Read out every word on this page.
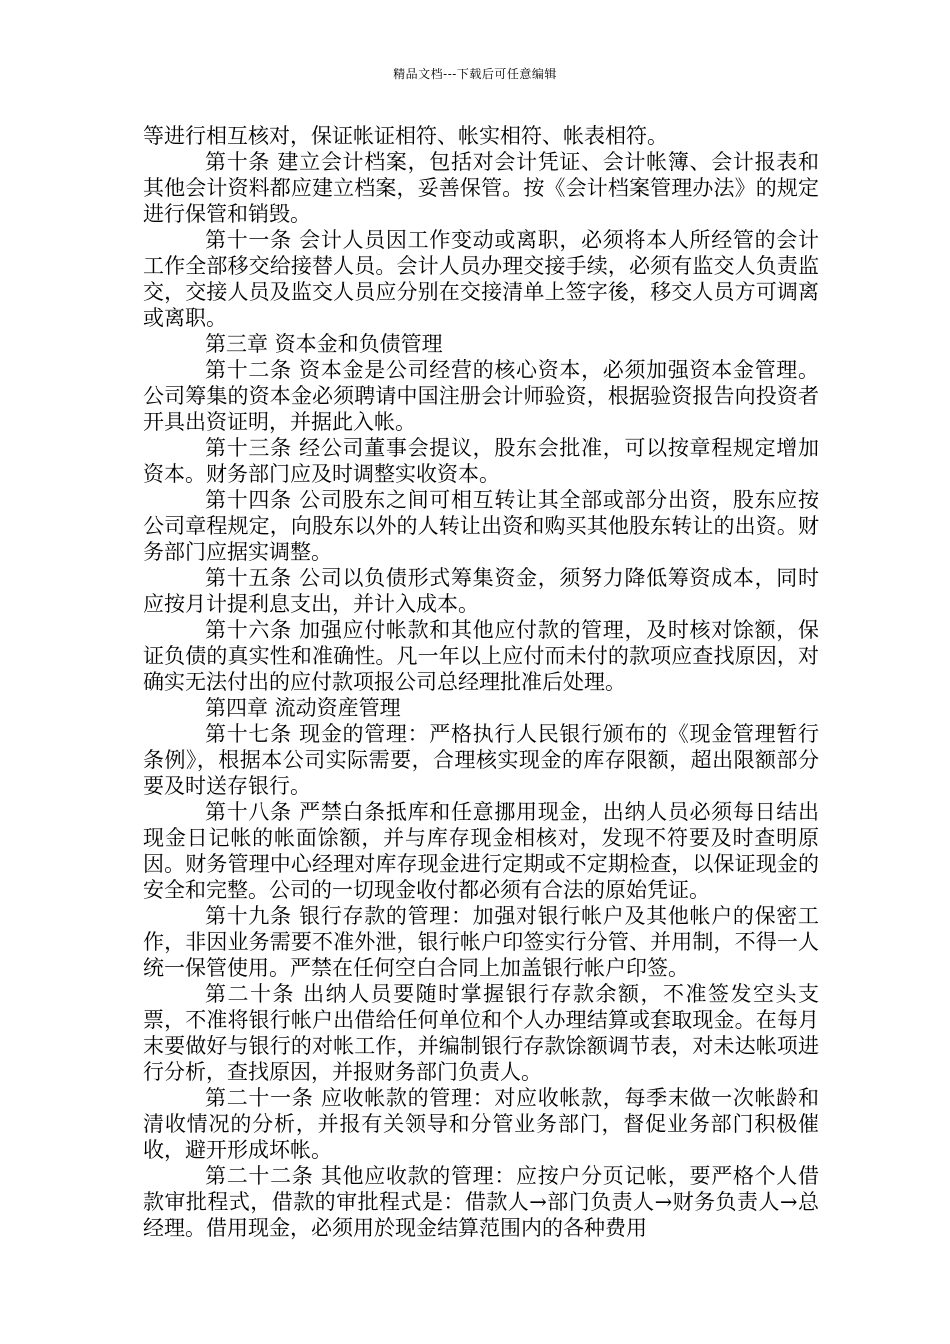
精品文档---下载后可任意编辑

等进行相互核对，保证帐证相符、帐实相符、帐表相符。

第十条 建立会计档案，包括对会计凭证、会计帐簿、会计报表和其他会计资料都应建立档案，妥善保管。按《会计档案管理办法》的规定进行保管和销毁。

第十一条 会计人员因工作变动或离职，必须将本人所经管的会计工作全部移交给接替人员。会计人员办理交接手续，必须有监交人负责监交，交接人员及监交人员应分别在交接清单上签字後，移交人员方可调离或离职。

第三章 资本金和负债管理

第十二条 资本金是公司经营的核心资本，必须加强资本金管理。公司筹集的资本金必须聘请中国注册会计师验资，根据验资报告向投资者开具出资证明，并据此入帐。

第十三条 经公司董事会提议，股东会批准，可以按章程规定增加资本。财务部门应及时调整实收资本。

第十四条 公司股东之间可相互转让其全部或部分出资，股东应按公司章程规定，向股东以外的人转让出资和购买其他股东转让的出资。财务部门应据实调整。

第十五条 公司以负债形式筹集资金，须努力降低筹资成本，同时应按月计提利息支出，并计入成本。

第十六条 加强应付帐款和其他应付款的管理，及时核对馀额，保证负债的真实性和准确性。凡一年以上应付而未付的款项应查找原因，对确实无法付出的应付款项报公司总经理批准后处理。

第四章 流动资産管理

第十七条 现金的管理：严格执行人民银行颁布的《现金管理暂行条例》，根据本公司实际需要，合理核实现金的库存限额，超出限额部分要及时送存银行。

第十八条 严禁白条抵库和任意挪用现金，出纳人员必须每日结出现金日记帐的帐面馀额，并与库存现金相核对，发现不符要及时查明原因。财务管理中心经理对库存现金进行定期或不定期检查，以保证现金的安全和完整。公司的一切现金收付都必须有合法的原始凭证。

第十九条 银行存款的管理：加强对银行帐户及其他帐户的保密工作，非因业务需要不准外泄，银行帐户印签实行分管、并用制，不得一人统一保管使用。严禁在任何空白合同上加盖银行帐户印签。

第二十条 出纳人员要随时掌握银行存款余额，不准签发空头支票，不准将银行帐户出借给任何单位和个人办理结算或套取现金。在每月末要做好与银行的对帐工作，并编制银行存款馀额调节表，对未达帐项进行分析，查找原因，并报财务部门负责人。

第二十一条 应收帐款的管理：对应收帐款，每季末做一次帐龄和清收情况的分析，并报有关领导和分管业务部门，督促业务部门积极催收，避开形成坏帐。

第二十二条 其他应收款的管理：应按户分页记帐，要严格个人借款审批程式，借款的审批程式是：借款人→部门负责人→财务负责人→总经理。借用现金，必须用於现金结算范围内的各种费用
